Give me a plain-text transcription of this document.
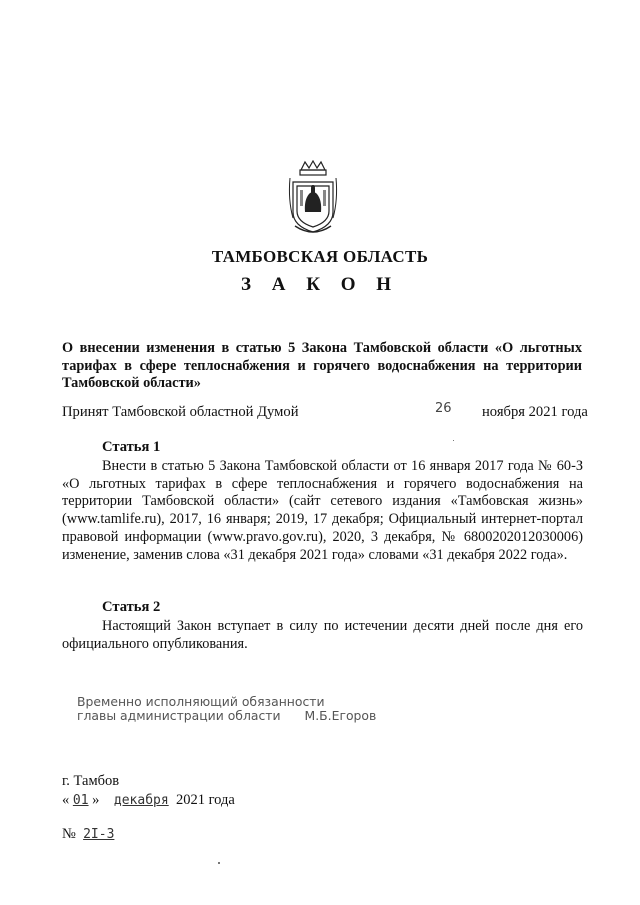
ТАМБОВСКАЯ ОБЛАСТЬ
З А К О Н
О внесении изменения в статью 5 Закона Тамбовской области «О льготных тарифах в сфере теплоснабжения и горячего водоснабжения на территории Тамбовской области»
Принят Тамбовской областной Думой	26 ноября 2021 года
Статья 1
Внести в статью 5 Закона Тамбовской области от 16 января 2017 года № 60-З «О льготных тарифах в сфере теплоснабжения и горячего водоснабжения на территории Тамбовской области» (сайт сетевого издания «Тамбовская жизнь» (www.tamlife.ru), 2017, 16 января; 2019, 17 декабря; Официальный интернет-портал правовой информации (www.pravo.gov.ru), 2020, 3 декабря, № 6800202012030006) изменение, заменив слова «31 декабря 2021 года» словами «31 декабря 2022 года».
Статья 2
Настоящий Закон вступает в силу по истечении десяти дней после дня его официального опубликования.
Временно исполняющий обязанности
главы администрации области М.Б.Егоров
г. Тамбов
« 01 » декабря 2021 года
№ 2I-3
